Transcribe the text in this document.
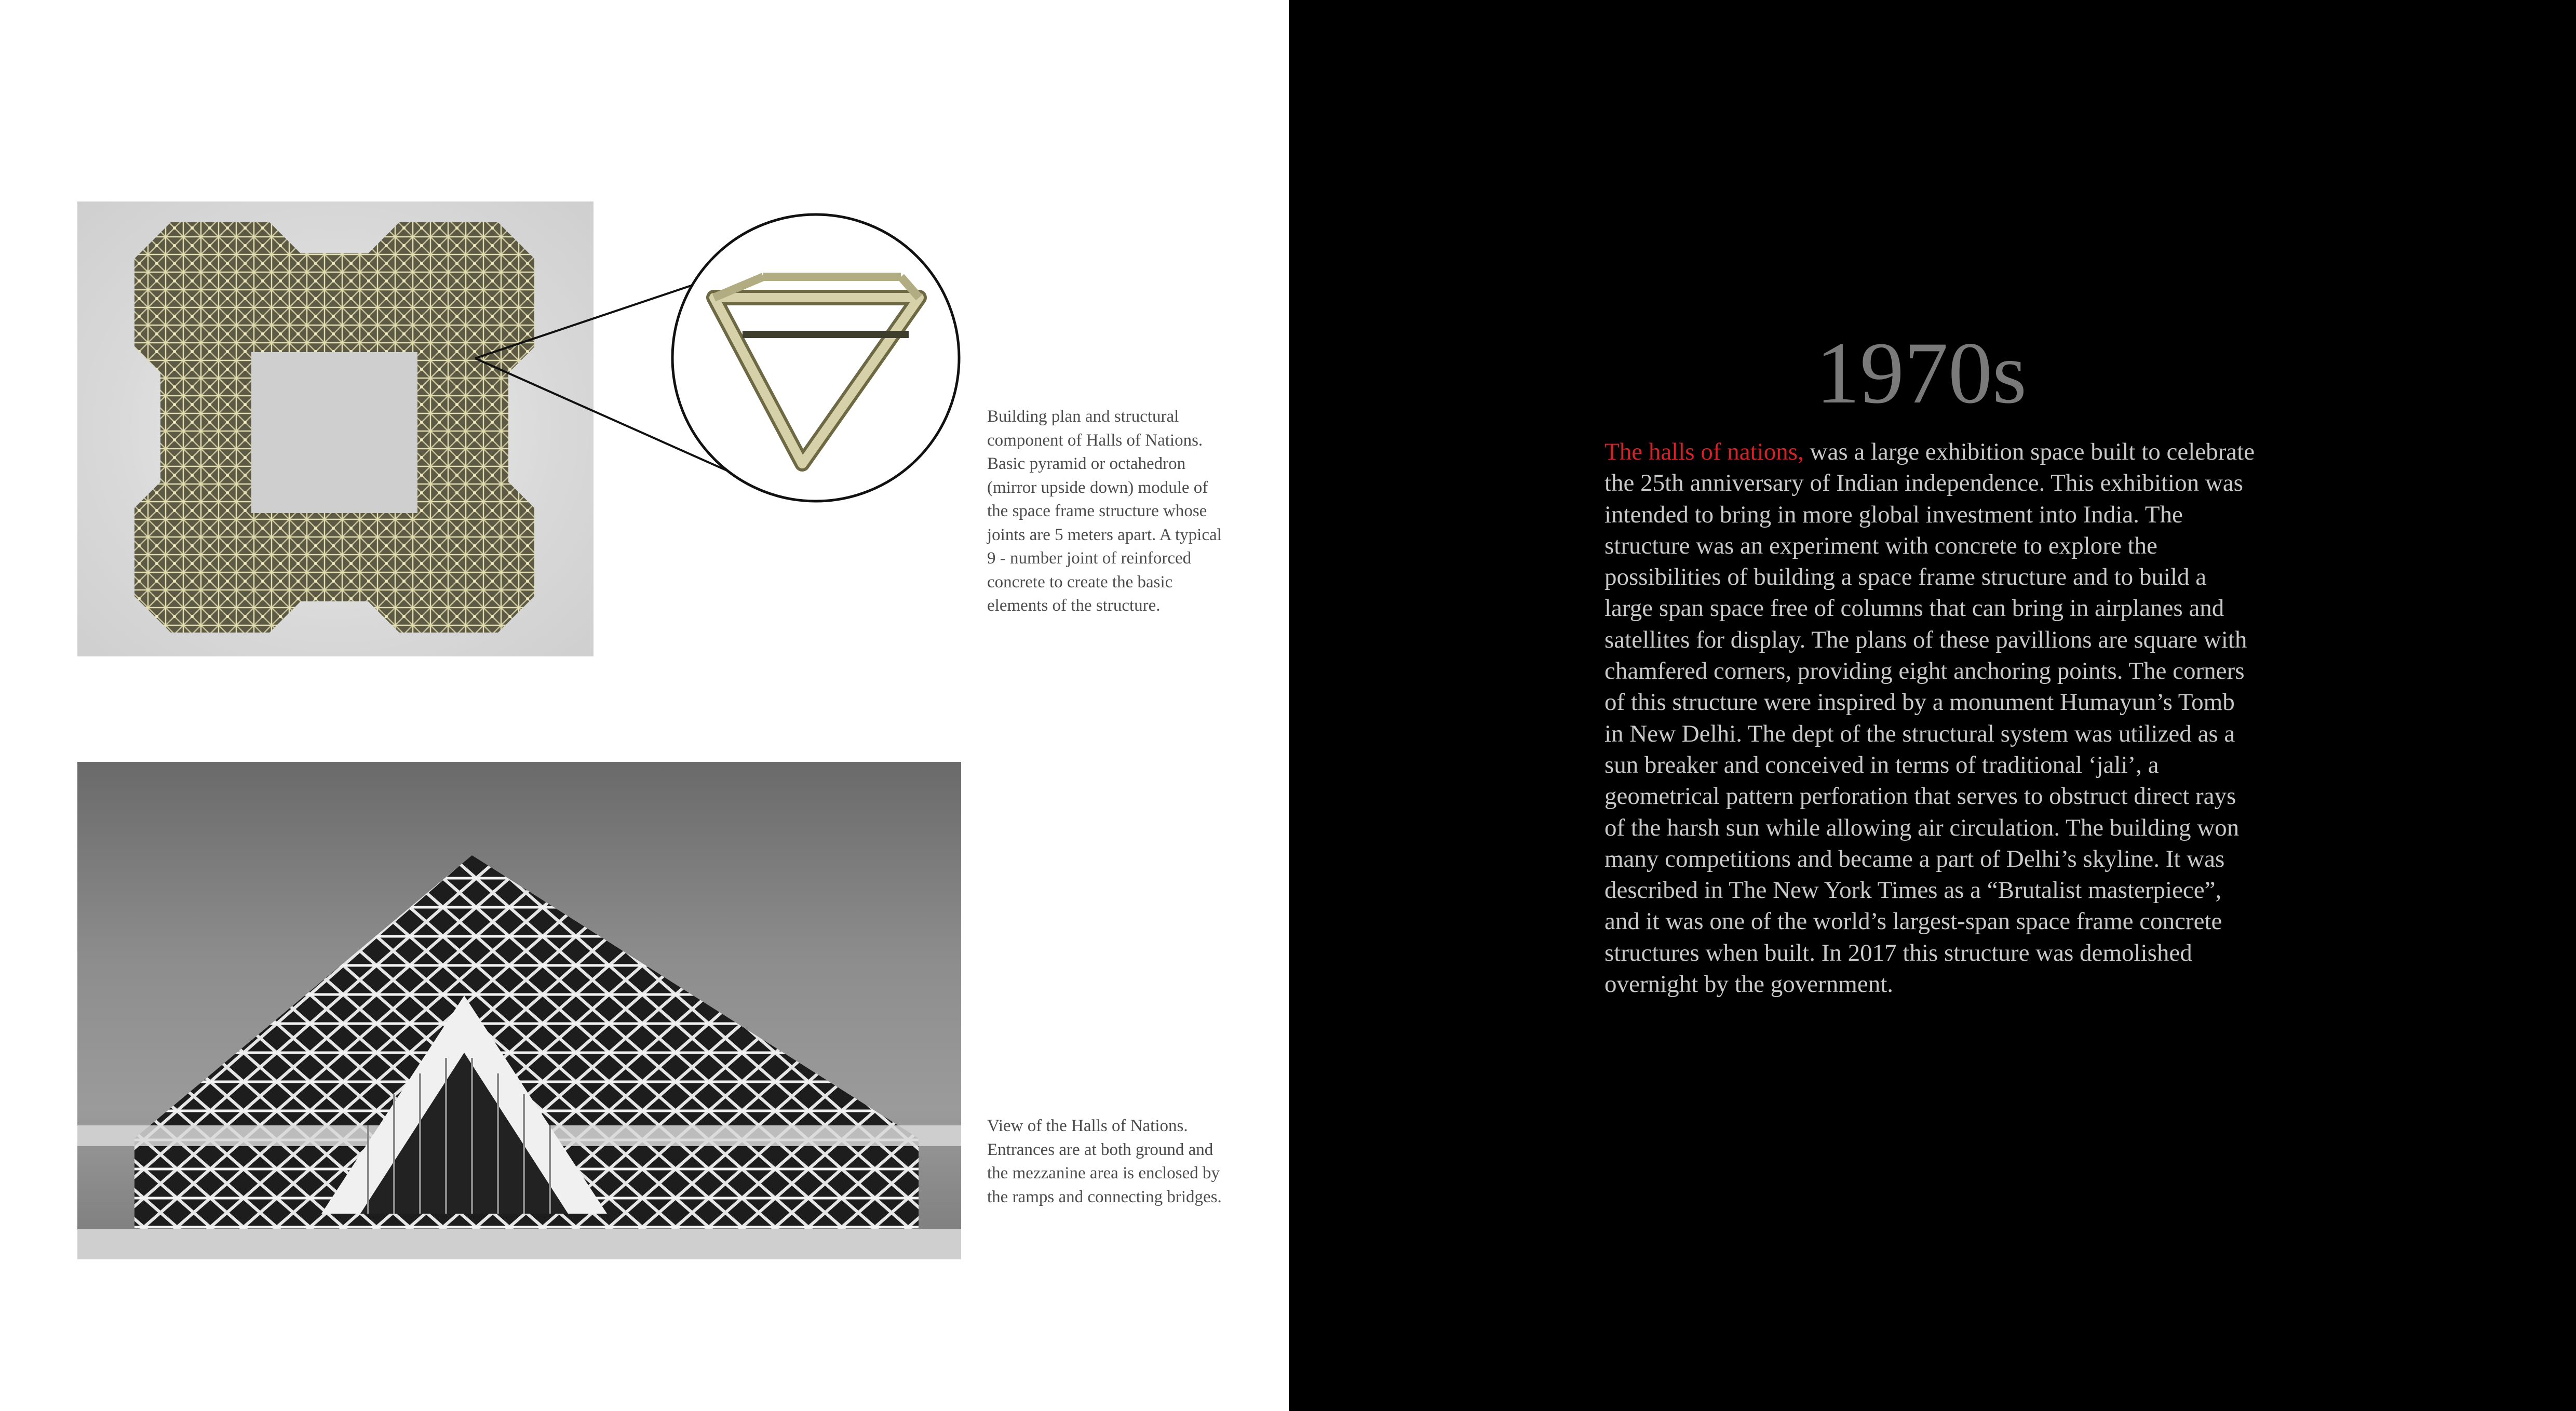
Building plan and structural component of Halls of Nations. Basic pyramid or octahedron (mirror upside down) module of the space frame structure whose joints are 5 meters apart. A typical 9 - number joint of reinforced concrete to create the basic elements of the structure.
View of the Halls of Nations. Entrances are at both ground and the mezzanine area is enclosed by the ramps and connecting bridges.
1970s
The halls of nations, was a large exhibition space built to celebrate the 25th anniversary of Indian independence. This exhibition was intended to bring in more global investment into India. The structure was an experiment with concrete to explore the possibilities of building a space frame structure and to build a large span space free of columns that can bring in airplanes and satellites for display. The plans of these pavillions are square with chamfered corners, providing eight anchoring points. The corners of this structure were inspired by a monument Humayun’s Tomb in New Delhi. The dept of the structural system was utilized as a sun breaker and conceived in terms of traditional ‘jali’, a geometrical pattern perforation that serves to obstruct direct rays of the harsh sun while allowing air circulation. The building won many competitions and became a part of Delhi’s skyline. It was described in The New York Times as a “Brutalist masterpiece”, and it was one of the world’s largest-span space frame concrete structures when built. In 2017 this structure was demolished overnight by the government.
